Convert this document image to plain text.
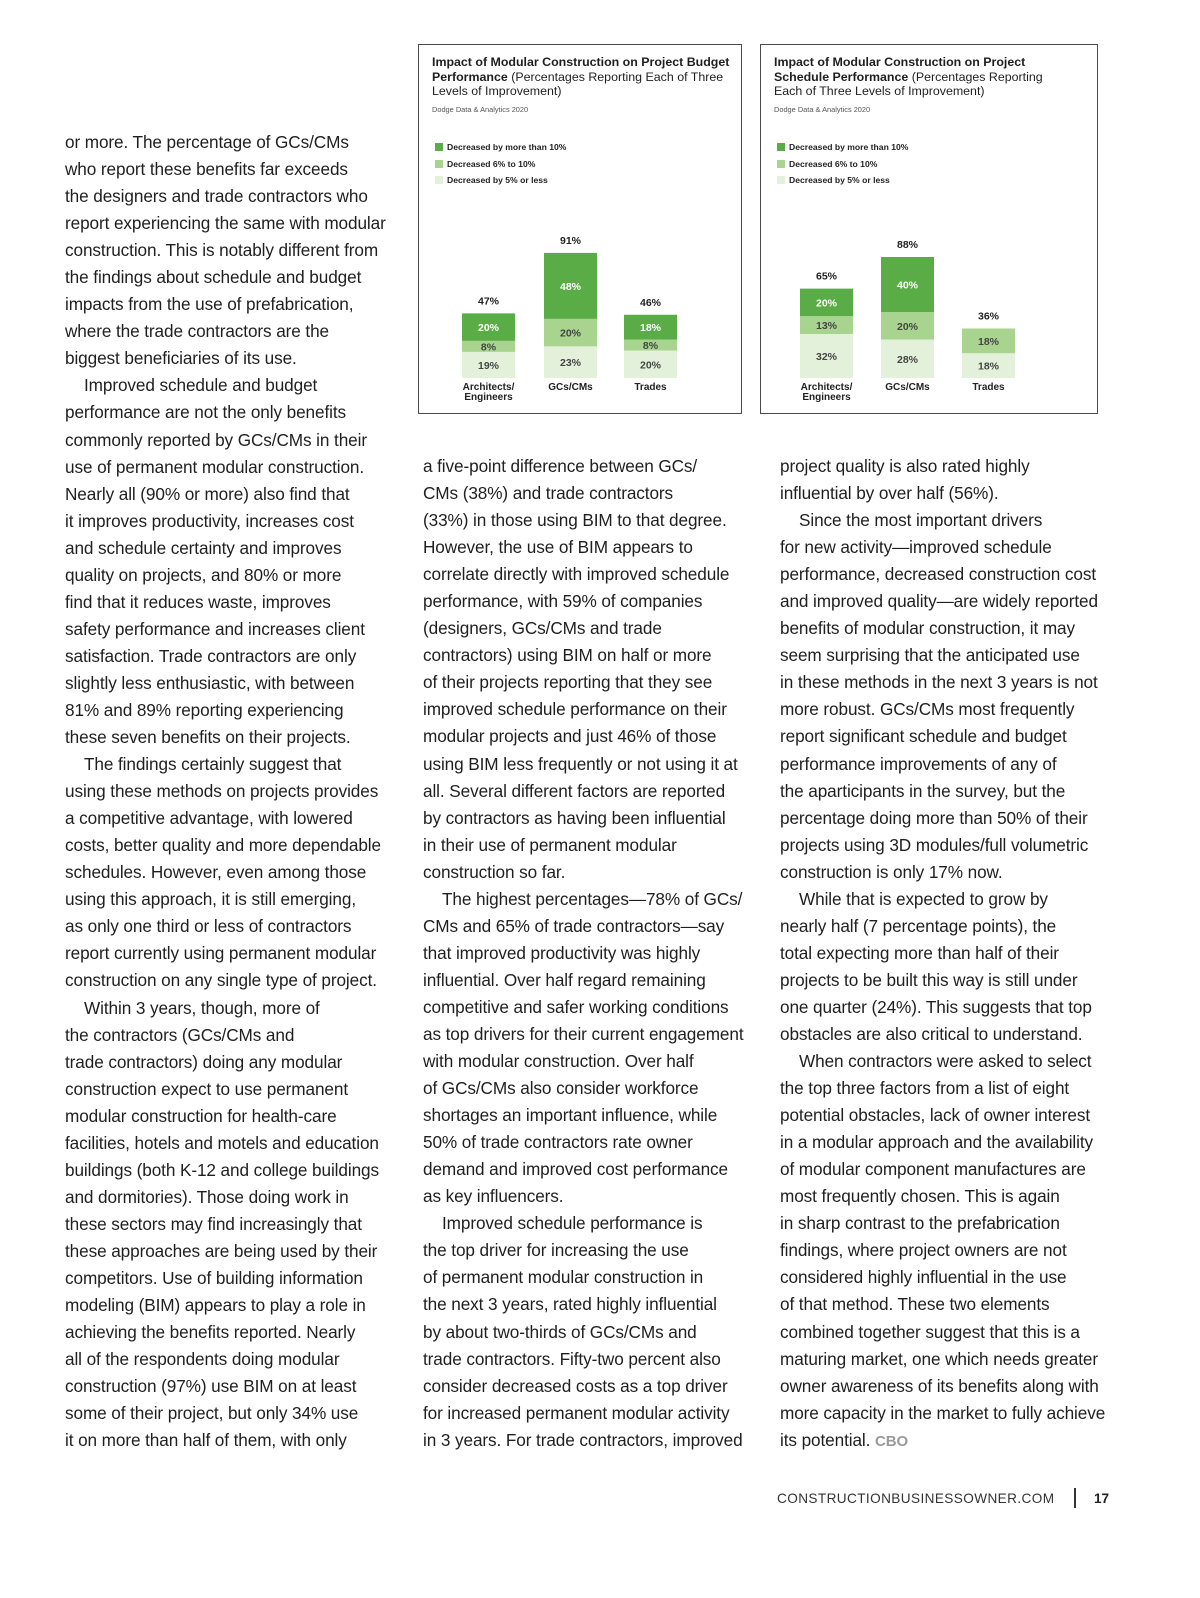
Impact of Modular Construction on Project Budget Performance (Percentages Reporting Each of Three Levels of Improvement)
Dodge Data & Analytics 2020
Decreased by more than 10%
Decreased 6% to 10%
Decreased by 5% or less
19%
8%
20%
47%
Architects/
Engineers
23%
20%
48%
91%
GCs/CMs
20%
8%
18%
46%
Trades
Impact of Modular Construction on Project Schedule Performance (Percentages Reporting Each of Three Levels of Improvement)
Dodge Data & Analytics 2020
Decreased by more than 10%
Decreased 6% to 10%
Decreased by 5% or less
32%
13%
20%
65%
Architects/
Engineers
28%
20%
40%
88%
GCs/CMs
18%
18%
36%
Trades

or more. The percentage of GCs/CMs
who report these benefits far exceeds
the designers and trade contractors who
report experiencing the same with modular
construction. This is notably different from
the findings about schedule and budget
impacts from the use of prefabrication,
where the trade contractors are the
biggest beneficiaries of its use.

Improved schedule and budget
performance are not the only benefits
commonly reported by GCs/CMs in their
use of permanent modular construction.
Nearly all (90% or more) also find that
it improves productivity, increases cost
and schedule certainty and improves
quality on projects, and 80% or more
find that it reduces waste, improves
safety performance and increases client
satisfaction. Trade contractors are only
slightly less enthusiastic, with between
81% and 89% reporting experiencing
these seven benefits on their projects.

The findings certainly suggest that
using these methods on projects provides
a competitive advantage, with lowered
costs, better quality and more dependable
schedules. However, even among those
using this approach, it is still emerging,
as only one third or less of contractors
report currently using permanent modular
construction on any single type of project.

Within 3 years, though, more of
the contractors (GCs/CMs and
trade contractors) doing any modular
construction expect to use permanent
modular construction for health-care
facilities, hotels and motels and education
buildings (both K-12 and college buildings
and dormitories). Those doing work in
these sectors may find increasingly that
these approaches are being used by their
competitors. Use of building information
modeling (BIM) appears to play a role in
achieving the benefits reported. Nearly
all of the respondents doing modular
construction (97%) use BIM on at least
some of their project, but only 34% use
it on more than half of them, with only

a five-point difference between GCs/
CMs (38%) and trade contractors
(33%) in those using BIM to that degree.
However, the use of BIM appears to
correlate directly with improved schedule
performance, with 59% of companies
(designers, GCs/CMs and trade
contractors) using BIM on half or more
of their projects reporting that they see
improved schedule performance on their
modular projects and just 46% of those
using BIM less frequently or not using it at
all. Several different factors are reported
by contractors as having been influential
in their use of permanent modular
construction so far.

The highest percentages—78% of GCs/
CMs and 65% of trade contractors—say
that improved productivity was highly
influential. Over half regard remaining
competitive and safer working conditions
as top drivers for their current engagement
with modular construction. Over half
of GCs/CMs also consider workforce
shortages an important influence, while
50% of trade contractors rate owner
demand and improved cost performance
as key influencers.

Improved schedule performance is
the top driver for increasing the use
of permanent modular construction in
the next 3 years, rated highly influential
by about two-thirds of GCs/CMs and
trade contractors. Fifty-two percent also
consider decreased costs as a top driver
for increased permanent modular activity
in 3 years. For trade contractors, improved

project quality is also rated highly
influential by over half (56%).

Since the most important drivers
for new activity—improved schedule
performance, decreased construction cost
and improved quality—are widely reported
benefits of modular construction, it may
seem surprising that the anticipated use
in these methods in the next 3 years is not
more robust. GCs/CMs most frequently
report significant schedule and budget
performance improvements of any of
the aparticipants in the survey, but the
percentage doing more than 50% of their
projects using 3D modules/full volumetric
construction is only 17% now.

While that is expected to grow by
nearly half (7 percentage points), the
total expecting more than half of their
projects to be built this way is still under
one quarter (24%). This suggests that top
obstacles are also critical to understand.

When contractors were asked to select
the top three factors from a list of eight
potential obstacles, lack of owner interest
in a modular approach and the availability
of modular component manufactures are
most frequently chosen. This is again
in sharp contrast to the prefabrication
findings, where project owners are not
considered highly influential in the use
of that method. These two elements
combined together suggest that this is a
maturing market, one which needs greater
owner awareness of its benefits along with
more capacity in the market to fully achieve
its potential. CBO

CONSTRUCTIONBUSINESSOWNER.COM	17
